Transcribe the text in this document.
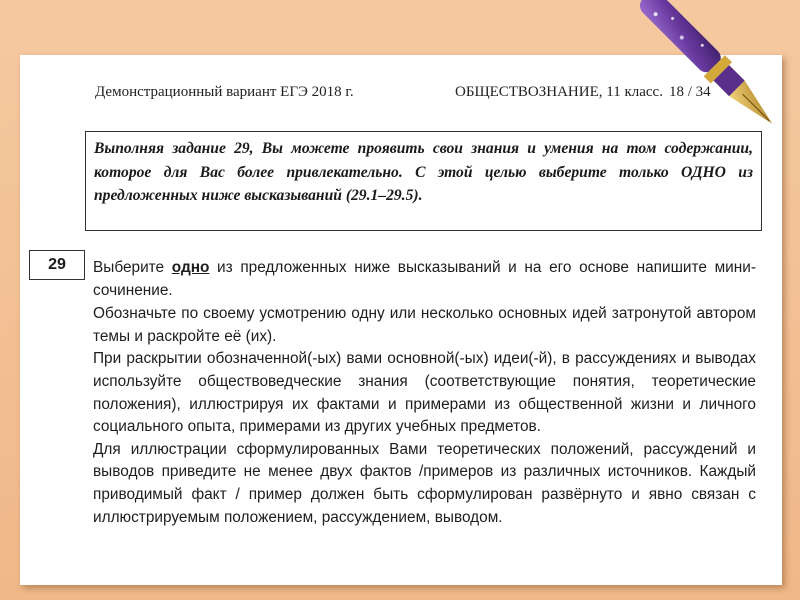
Демонстрационный вариант ЕГЭ 2018 г.	ОБЩЕСТВОЗНАНИЕ, 11 класс. 18 / 34
Выполняя задание 29, Вы можете проявить свои знания и умения на том содержании, которое для Вас более привлекательно. С этой целью выберите только ОДНО из предложенных ниже высказываний (29.1–29.5).
29	Выберите одно из предложенных ниже высказываний и на его основе напишите мини-сочинение.

Обозначьте по своему усмотрению одну или несколько основных идей затронутой автором темы и раскройте её (их).

При раскрытии обозначенной(-ых) вами основной(-ых) идеи(-й), в рассуждениях и выводах используйте обществоведческие знания (соответствующие понятия, теоретические положения), иллюстрируя их фактами и примерами из общественной жизни и личного социального опыта, примерами из других учебных предметов.

Для иллюстрации сформулированных Вами теоретических положений, рассуждений и выводов приведите не менее двух фактов /примеров из различных источников. Каждый приводимый факт / пример должен быть сформулирован развёрнуто и явно связан с иллюстрируемым положением, рассуждением, выводом.
